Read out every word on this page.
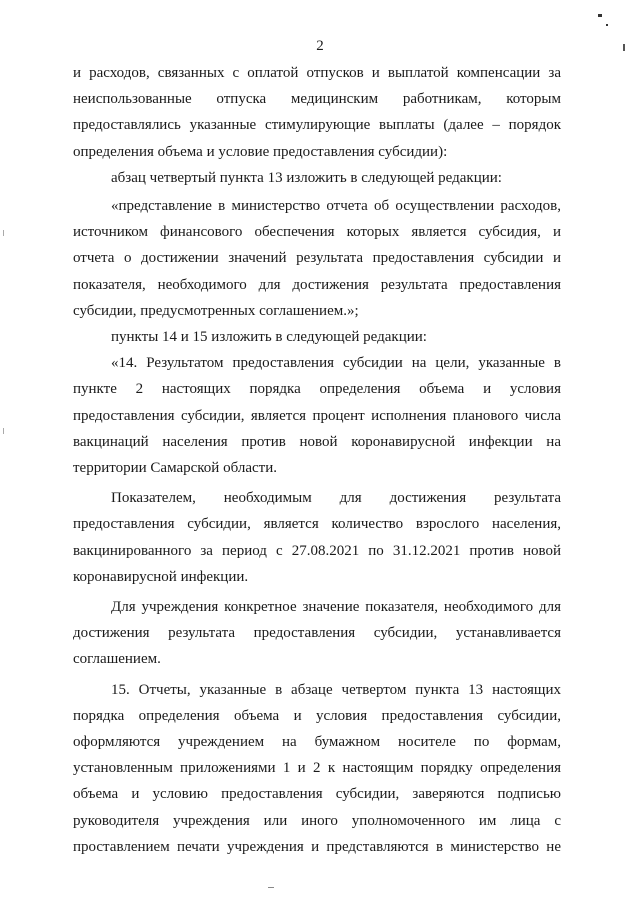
2
и расходов, связанных с оплатой отпусков и выплатой компенсации за
неиспользованные отпуска медицинским работникам, которым
предоставлялись указанные стимулирующие выплаты (далее – порядок
определения объема и условие предоставления субсидии):
абзац четвертый пункта 13 изложить в следующей редакции:
«представление в министерство отчета об осуществлении расходов,
источником финансового обеспечения которых является субсидия, и
отчета о достижении значений результата предоставления субсидии и
показателя, необходимого для достижения результата предоставления
субсидии, предусмотренных соглашением.»;
пункты 14 и 15 изложить в следующей редакции:
«14. Результатом предоставления субсидии на цели, указанные в
пункте 2 настоящих порядка определения объема и условия
предоставления субсидии, является процент исполнения планового числа
вакцинаций населения против новой коронавирусной инфекции на
территории Самарской области.
Показателем, необходимым для достижения результата
предоставления субсидии, является количество взрослого населения,
вакцинированного за период с 27.08.2021 по 31.12.2021 против новой
коронавирусной инфекции.
Для учреждения конкретное значение показателя, необходимого для
достижения результата предоставления субсидии, устанавливается
соглашением.
15. Отчеты, указанные в абзаце четвертом пункта 13 настоящих
порядка определения объема и условия предоставления субсидии,
оформляются учреждением на бумажном носителе по формам,
установленным приложениями 1 и 2 к настоящим порядку определения
объема и условию предоставления субсидии, заверяются подписью
руководителя учреждения или иного уполномоченного им лица с
проставлением печати учреждения и представляются в министерство не
